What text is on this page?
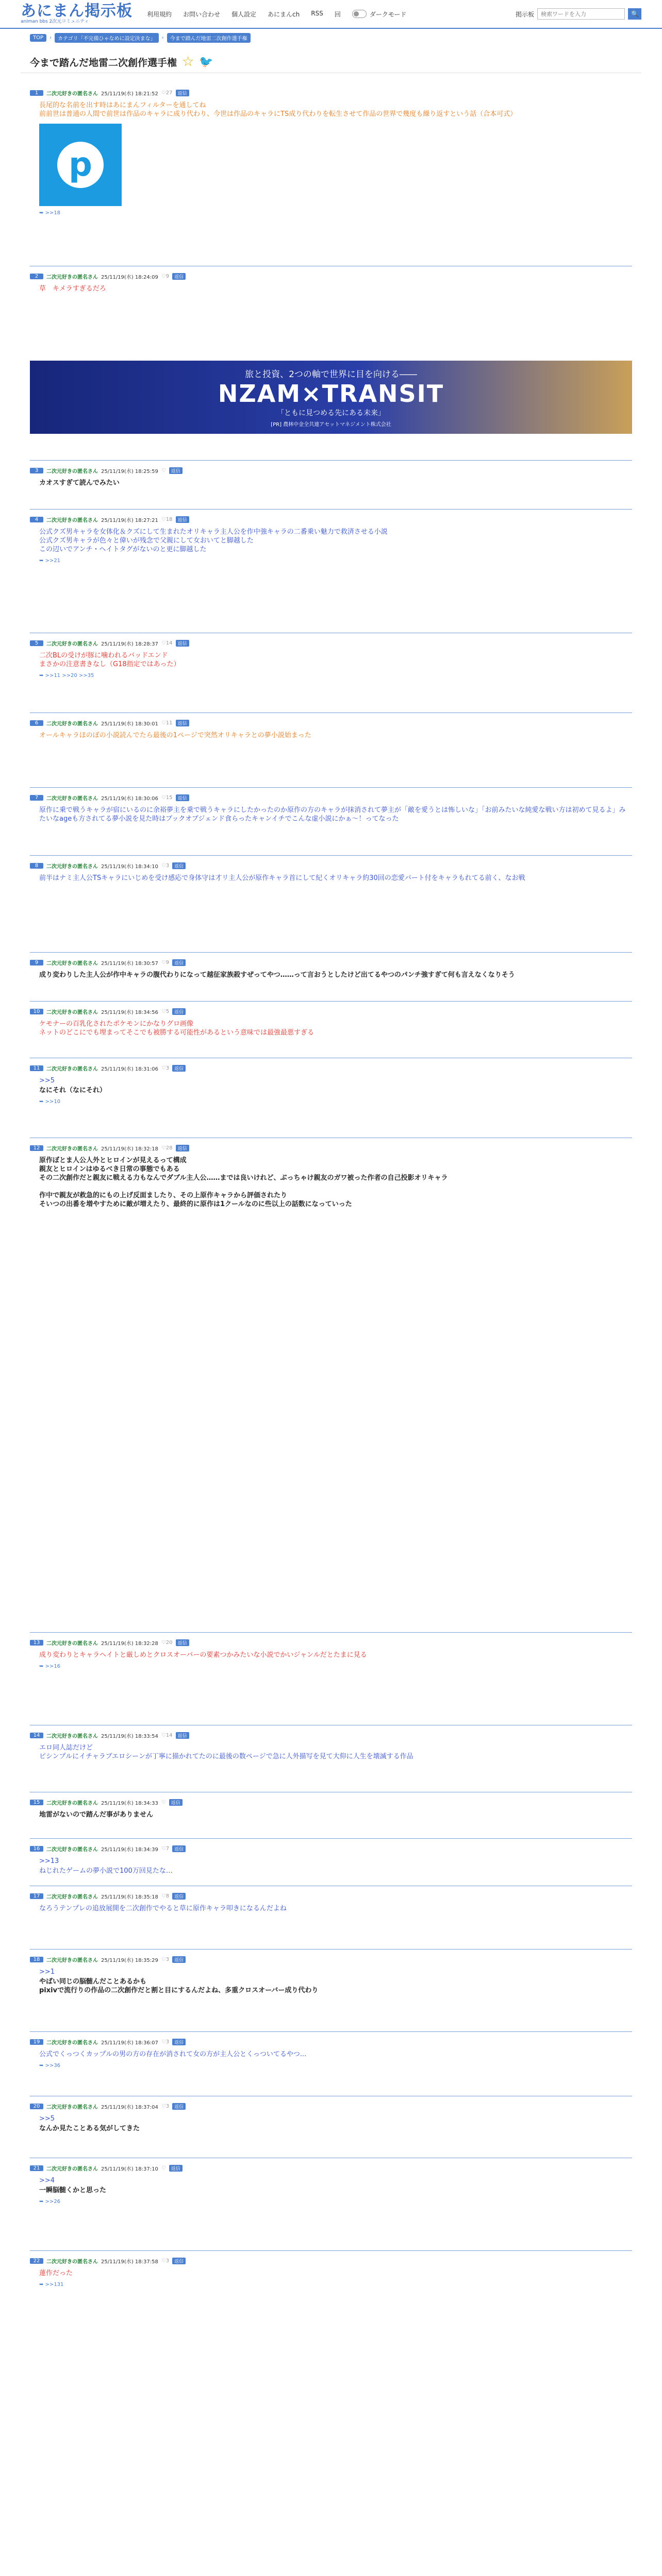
あにまん掲示板
animan bbs 2次元コミュニティ
利用規約 お問い合わせ 個人設定 あにまんch RSS 回	ダークモード	掲示板
検索ワードを入力	🔍
TOP	›	カテゴリ「不完備ひゃなめに設定決まな」	›	今まで踏んだ地雷二次創作選手権
今まで踏んだ地雷二次創作選手権 ☆ 🐦
1	二次元好きの匿名さん 25/11/19(水) 18:21:52 ♡27	返信
長尾的な名前を出す時はあにまんフィルターを通してね
前前世は普通の人間で前世は作品のキャラに成り代わり、今世は作品のキャラにTS成り代わりを転生させて作品の世界で幾度も繰り返すという話（合本可式）
p
➥ >>18
2	二次元好きの匿名さん 25/11/19(水) 18:24:09 ♡9	返信
草　キメラすぎるだろ
3	二次元好きの匿名さん 25/11/19(水) 18:25:59 ♡	返信
カオスすぎて読んでみたい
4	二次元好きの匿名さん 25/11/19(水) 18:27:21 ♡18	返信
公式クズ男キャラを女体化＆クズにして生まれたオリキャラ主人公を作中強キャラの二番乗い魅力で救済させる小説
公式クズ男キャラが色々と偉いが残念で父親にして女おいてと脚越した
この辺いでアンチ・ヘイトタグがないのと更に脚越した
➥ >>21
5	二次元好きの匿名さん 25/11/19(水) 18:28:37 ♡14	返信
二次BLの受けが豚に噛われるバッドエンド
まさかの注意書きなし（G18指定ではあった）
➥ >>11 >>20 >>35
6	二次元好きの匿名さん 25/11/19(水) 18:30:01 ♡11	返信
オールキャラほのぼの小説読んでたら最後の1ページで突然オリキャラとの夢小説始まった
7	二次元好きの匿名さん 25/11/19(水) 18:30:06 ♡15	返信
原作に乗で戦うキャラが宿にいるのに余裕夢主を乗で戦うキャラにしたかったのか原作の方のキャラが抹消されて夢主が「敵を愛うとは怖しいな」「お前みたいな純愛な戦い方は初めて見るよ」みたいなageも方されてる夢小説を見た時はブックオブジェンド食らったキャンイチでこんな虚小説にかぁ～！ってなった
8	二次元好きの匿名さん 25/11/19(水) 18:34:10 ♡3	返信
前半はナミ主人公TSキャラにいじめを受け感応で身体守は才リ主人公が原作キャラ首にして紀くオリキャラ約30回の恋愛パート付をキャラもれてる前く、なお戦
9	二次元好きの匿名さん 25/11/19(水) 18:30:57 ♡9	返信
成り変わりした主人公が作中キャラの腹代わりになって越征家族殺すぜってやつ……って言おうとしたけど出てるやつのパンチ強すぎて何も言えなくなりそう
10	二次元好きの匿名さん 25/11/19(水) 18:34:56 ♡5	返信
ケモナーの百乳化されたポケモンにかなりグロ画像
ネットのどこにでも埋まってそこでも被勝する可能性があるという意味では最強最悪すぎる
11	二次元好きの匿名さん 25/11/19(水) 18:31:06 ♡3	返信
>>5
なにそれ（なにそれ）
➥ >>10
12	二次元好きの匿名さん 25/11/19(水) 18:32:18 ♡28	返信
原作ぼとま人公人外とヒロインが見えるって構成
親友とヒロインはゆるべき日常の事態でもある
その二次創作だと親友に戦える力もなんでダブル主人公……までは良いけれど、ぶっちゃけ親友のガワ被った作者の自己投影オリキャラ

作中で親友が救急的にもの上げ反面ましたり、その上原作キャラから評価されたり
そいつの出番を増やすために敵が増えたり、最終的に原作は1クールなのに些以上の話数になっていった
13	二次元好きの匿名さん 25/11/19(水) 18:32:28 ♡20	返信
成り変わりとキャラヘイトと厳しめとクロスオーバーの要素つかみたいな小説でかいジャンルだとたまに見る
➥ >>16
14	二次元好きの匿名さん 25/11/19(水) 18:33:54 ♡14	返信
エロ同人誌だけど
ピシンプルにイチャラブエロシーンが丁寧に描かれてたのに最後の数ページで急に人外描写を見て大仰に人生を壊滅する作品
15	二次元好きの匿名さん 25/11/19(水) 18:34:33 ♡	返信
地雷がないので踏んだ事がありません
16	二次元好きの匿名さん 25/11/19(水) 18:34:39 ♡7	返信
>>13
ねじれたゲームの夢小説で100万回見たな…
17	二次元好きの匿名さん 25/11/19(水) 18:35:18 ♡8	返信
なろうテンプレの追放展開を二次創作でやると草に原作キャラ叩きになるんだよね
18	二次元好きの匿名さん 25/11/19(水) 18:35:29 ♡3	返信
>>1
やばい同じの脳髄んだことあるかも
pixivで流行りの作品の二次創作だと割と目にするんだよね、多重クロスオーバー成り代わり
19	二次元好きの匿名さん 25/11/19(水) 18:36:07 ♡3	返信
公式でくっつくカップルの男の方の存在が消されて女の方が主人公とくっついてるやつ...
➥ >>36
20	二次元好きの匿名さん 25/11/19(水) 18:37:04 ♡3	返信
>>5
なんか見たことある気がしてきた
21	二次元好きの匿名さん 25/11/19(水) 18:37:10 ♡	返信
>>4
一瞬脳髄くかと思った
➥ >>26
22	二次元好きの匿名さん 25/11/19(水) 18:37:58 ♡3	返信
蓮作だった
➥ >>131
旅と投資、2つの軸で世界に目を向ける――
NZAM×TRANSIT
「ともに見つめる先にある未来」
[PR] 農林中金全共連アセットマネジメント株式会社
